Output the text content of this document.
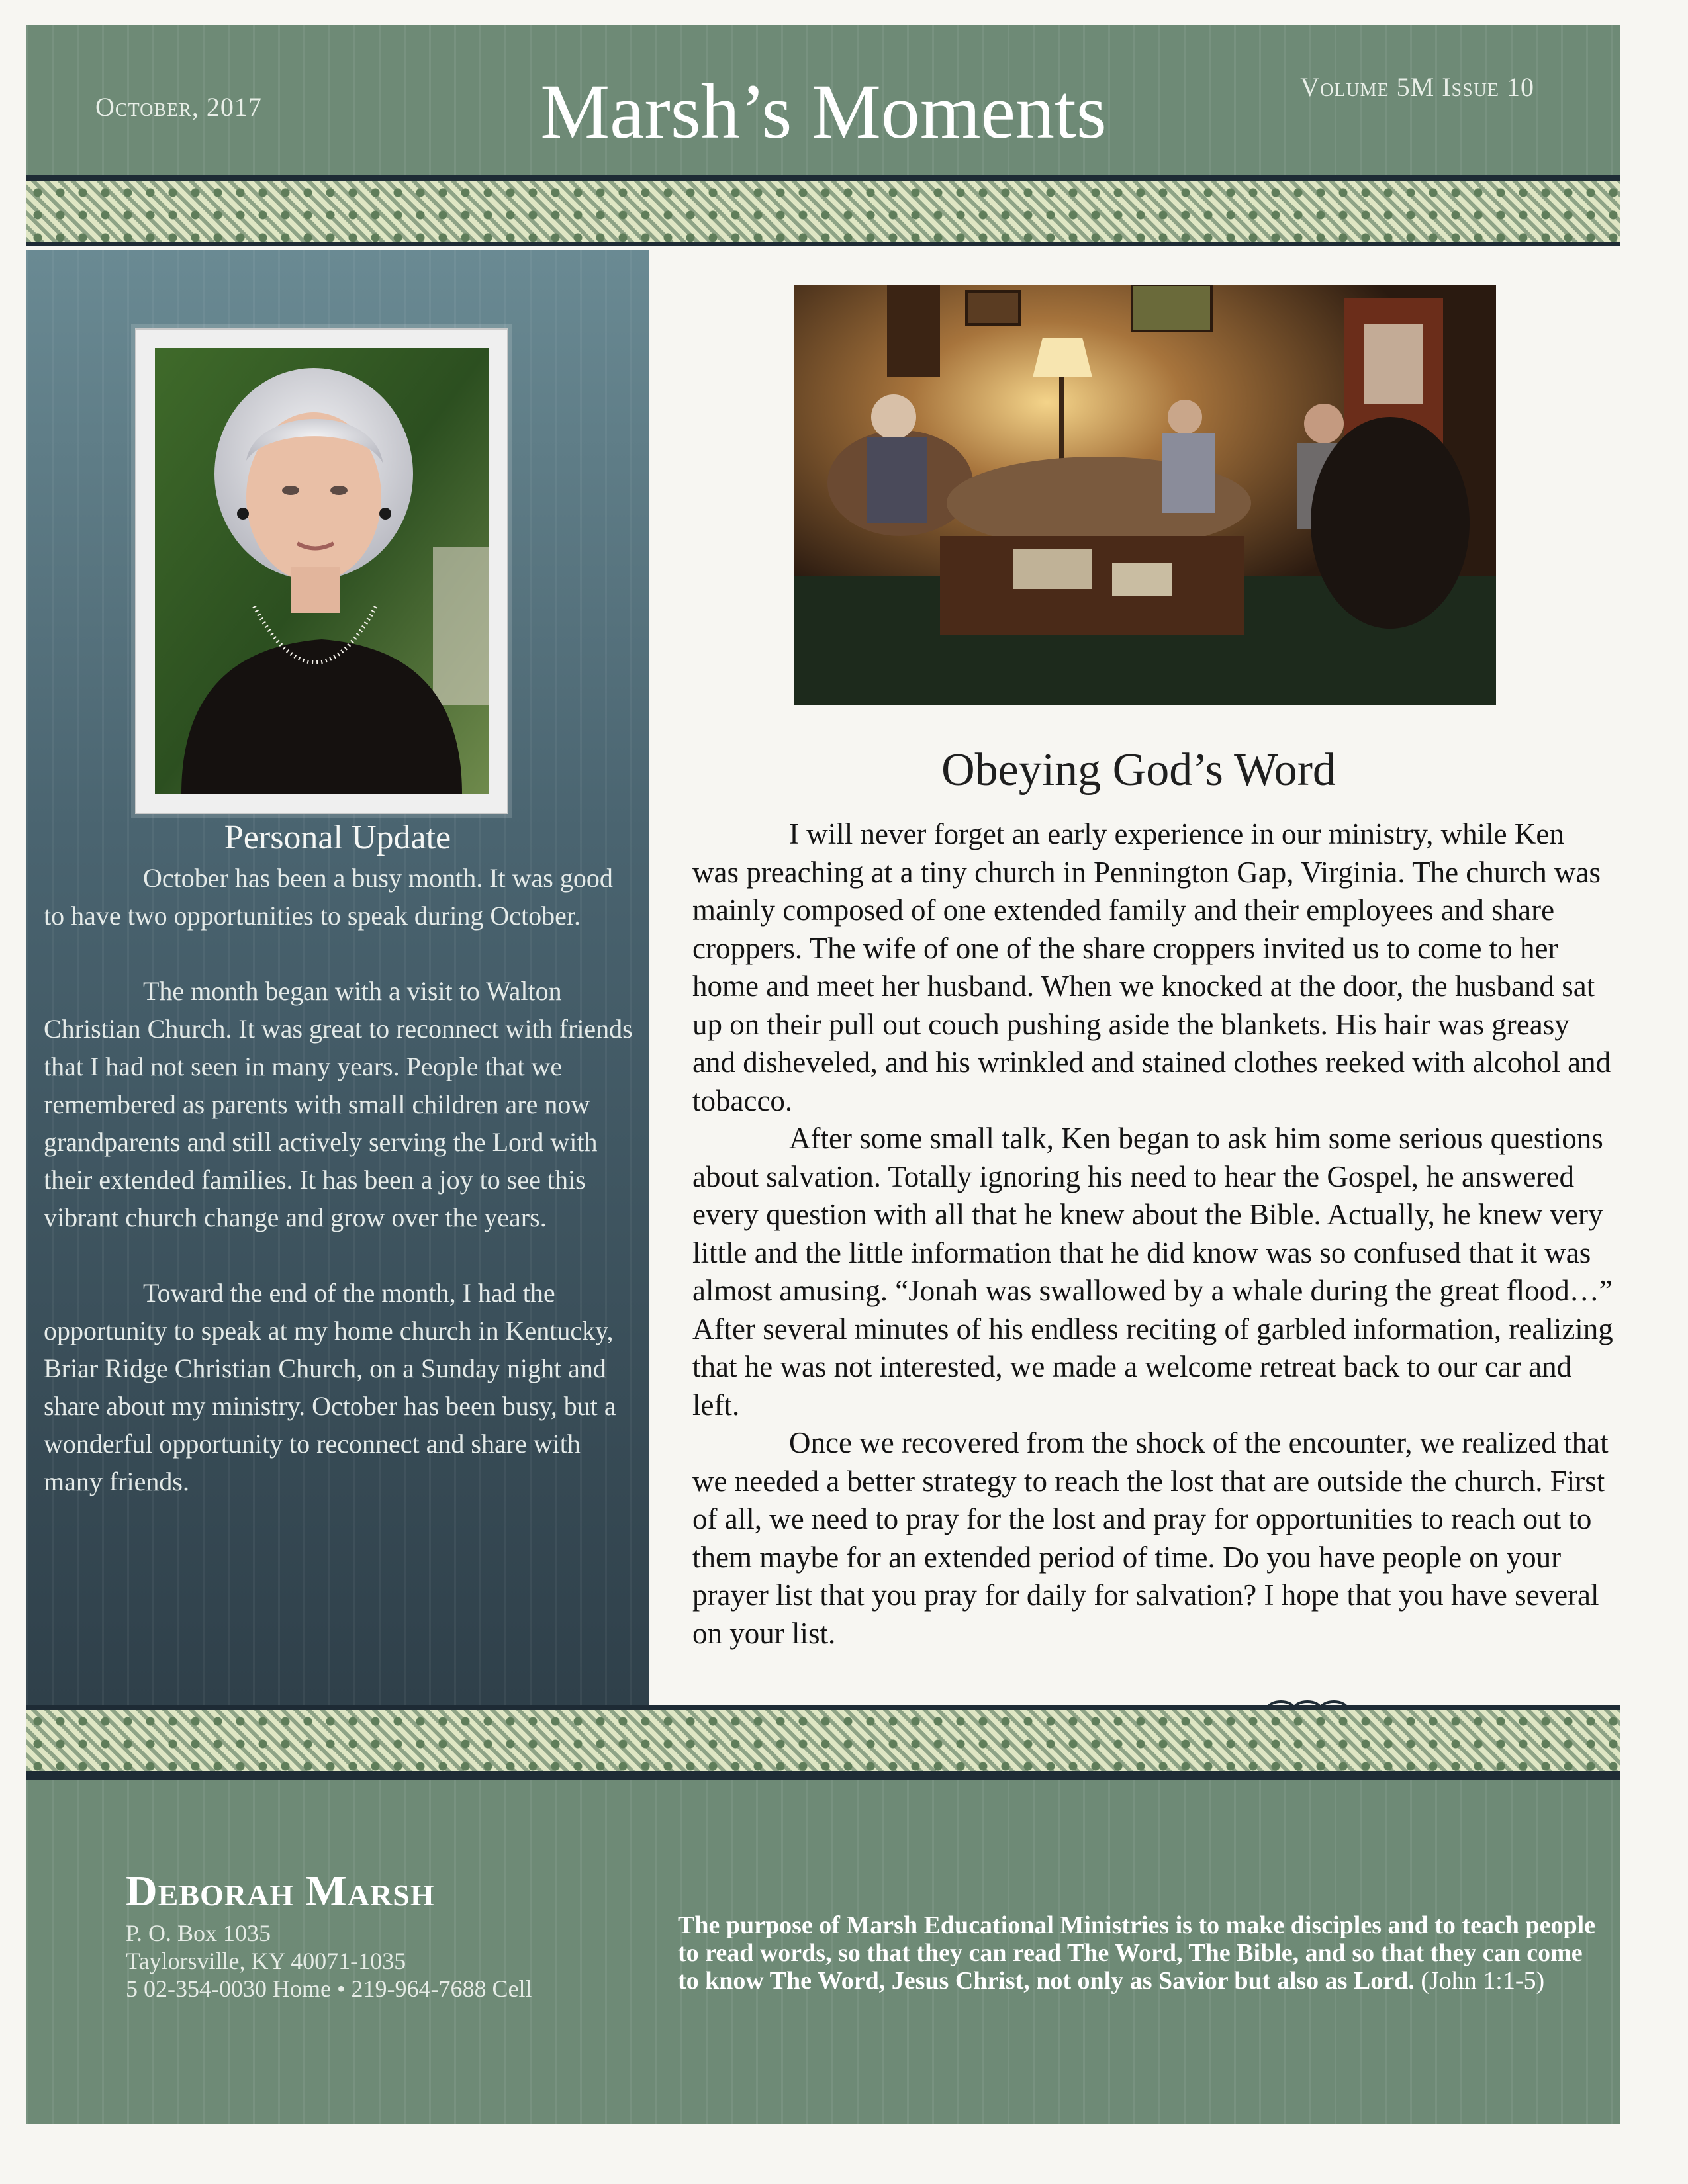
October, 2017	Marsh’s Moments	Volume 5M Issue 10
Personal Update

October has been a busy month. It was good to have two opportunities to speak during October.

The month began with a visit to Walton Christian Church. It was great to reconnect with friends that I had not seen in many years. People that we remembered as parents with small children are now grandparents and still actively serving the Lord with their extended families. It has been a joy to see this vibrant church change and grow over the years.

Toward the end of the month, I had the opportunity to speak at my home church in Kentucky, Briar Ridge Christian Church, on a Sunday night and share about my ministry. October has been busy, but a wonderful opportunity to reconnect and share with many friends.

Obeying God’s Word

I will never forget an early experience in our ministry, while Ken was preaching at a tiny church in Pennington Gap, Virginia. The church was mainly composed of one extended family and their employees and share croppers. The wife of one of the share croppers invited us to come to her home and meet her husband. When we knocked at the door, the husband sat up on their pull out couch pushing aside the blankets. His hair was greasy and disheveled, and his wrinkled and stained clothes reeked with alcohol and tobacco.

After some small talk, Ken began to ask him some serious questions about salvation. Totally ignoring his need to hear the Gospel, he answered every question with all that he knew about the Bible. Actually, he knew very little and the little information that he did know was so confused that it was almost amusing. “Jonah was swallowed by a whale during the great flood…” After several minutes of his endless reciting of garbled information, realizing that he was not interested, we made a welcome retreat back to our car and left.

Once we recovered from the shock of the encounter, we realized that we needed a better strategy to reach the lost that are outside the church. First of all, we need to pray for the lost and pray for opportunities to reach out to them maybe for an extended period of time. Do you have people on your prayer list that you pray for daily for salvation? I hope that you have several on your list.

Deborah Marsh
P. O. Box 1035
Taylorsville, KY 40071-1035
5 02-354-0030 Home • 219-964-7688 Cell
The purpose of Marsh Educational Ministries is to make disciples and to teach people to read words, so that they can read The Word, The Bible, and so that they can come to know The Word, Jesus Christ, not only as Savior but also as Lord. (John 1:1-5)
